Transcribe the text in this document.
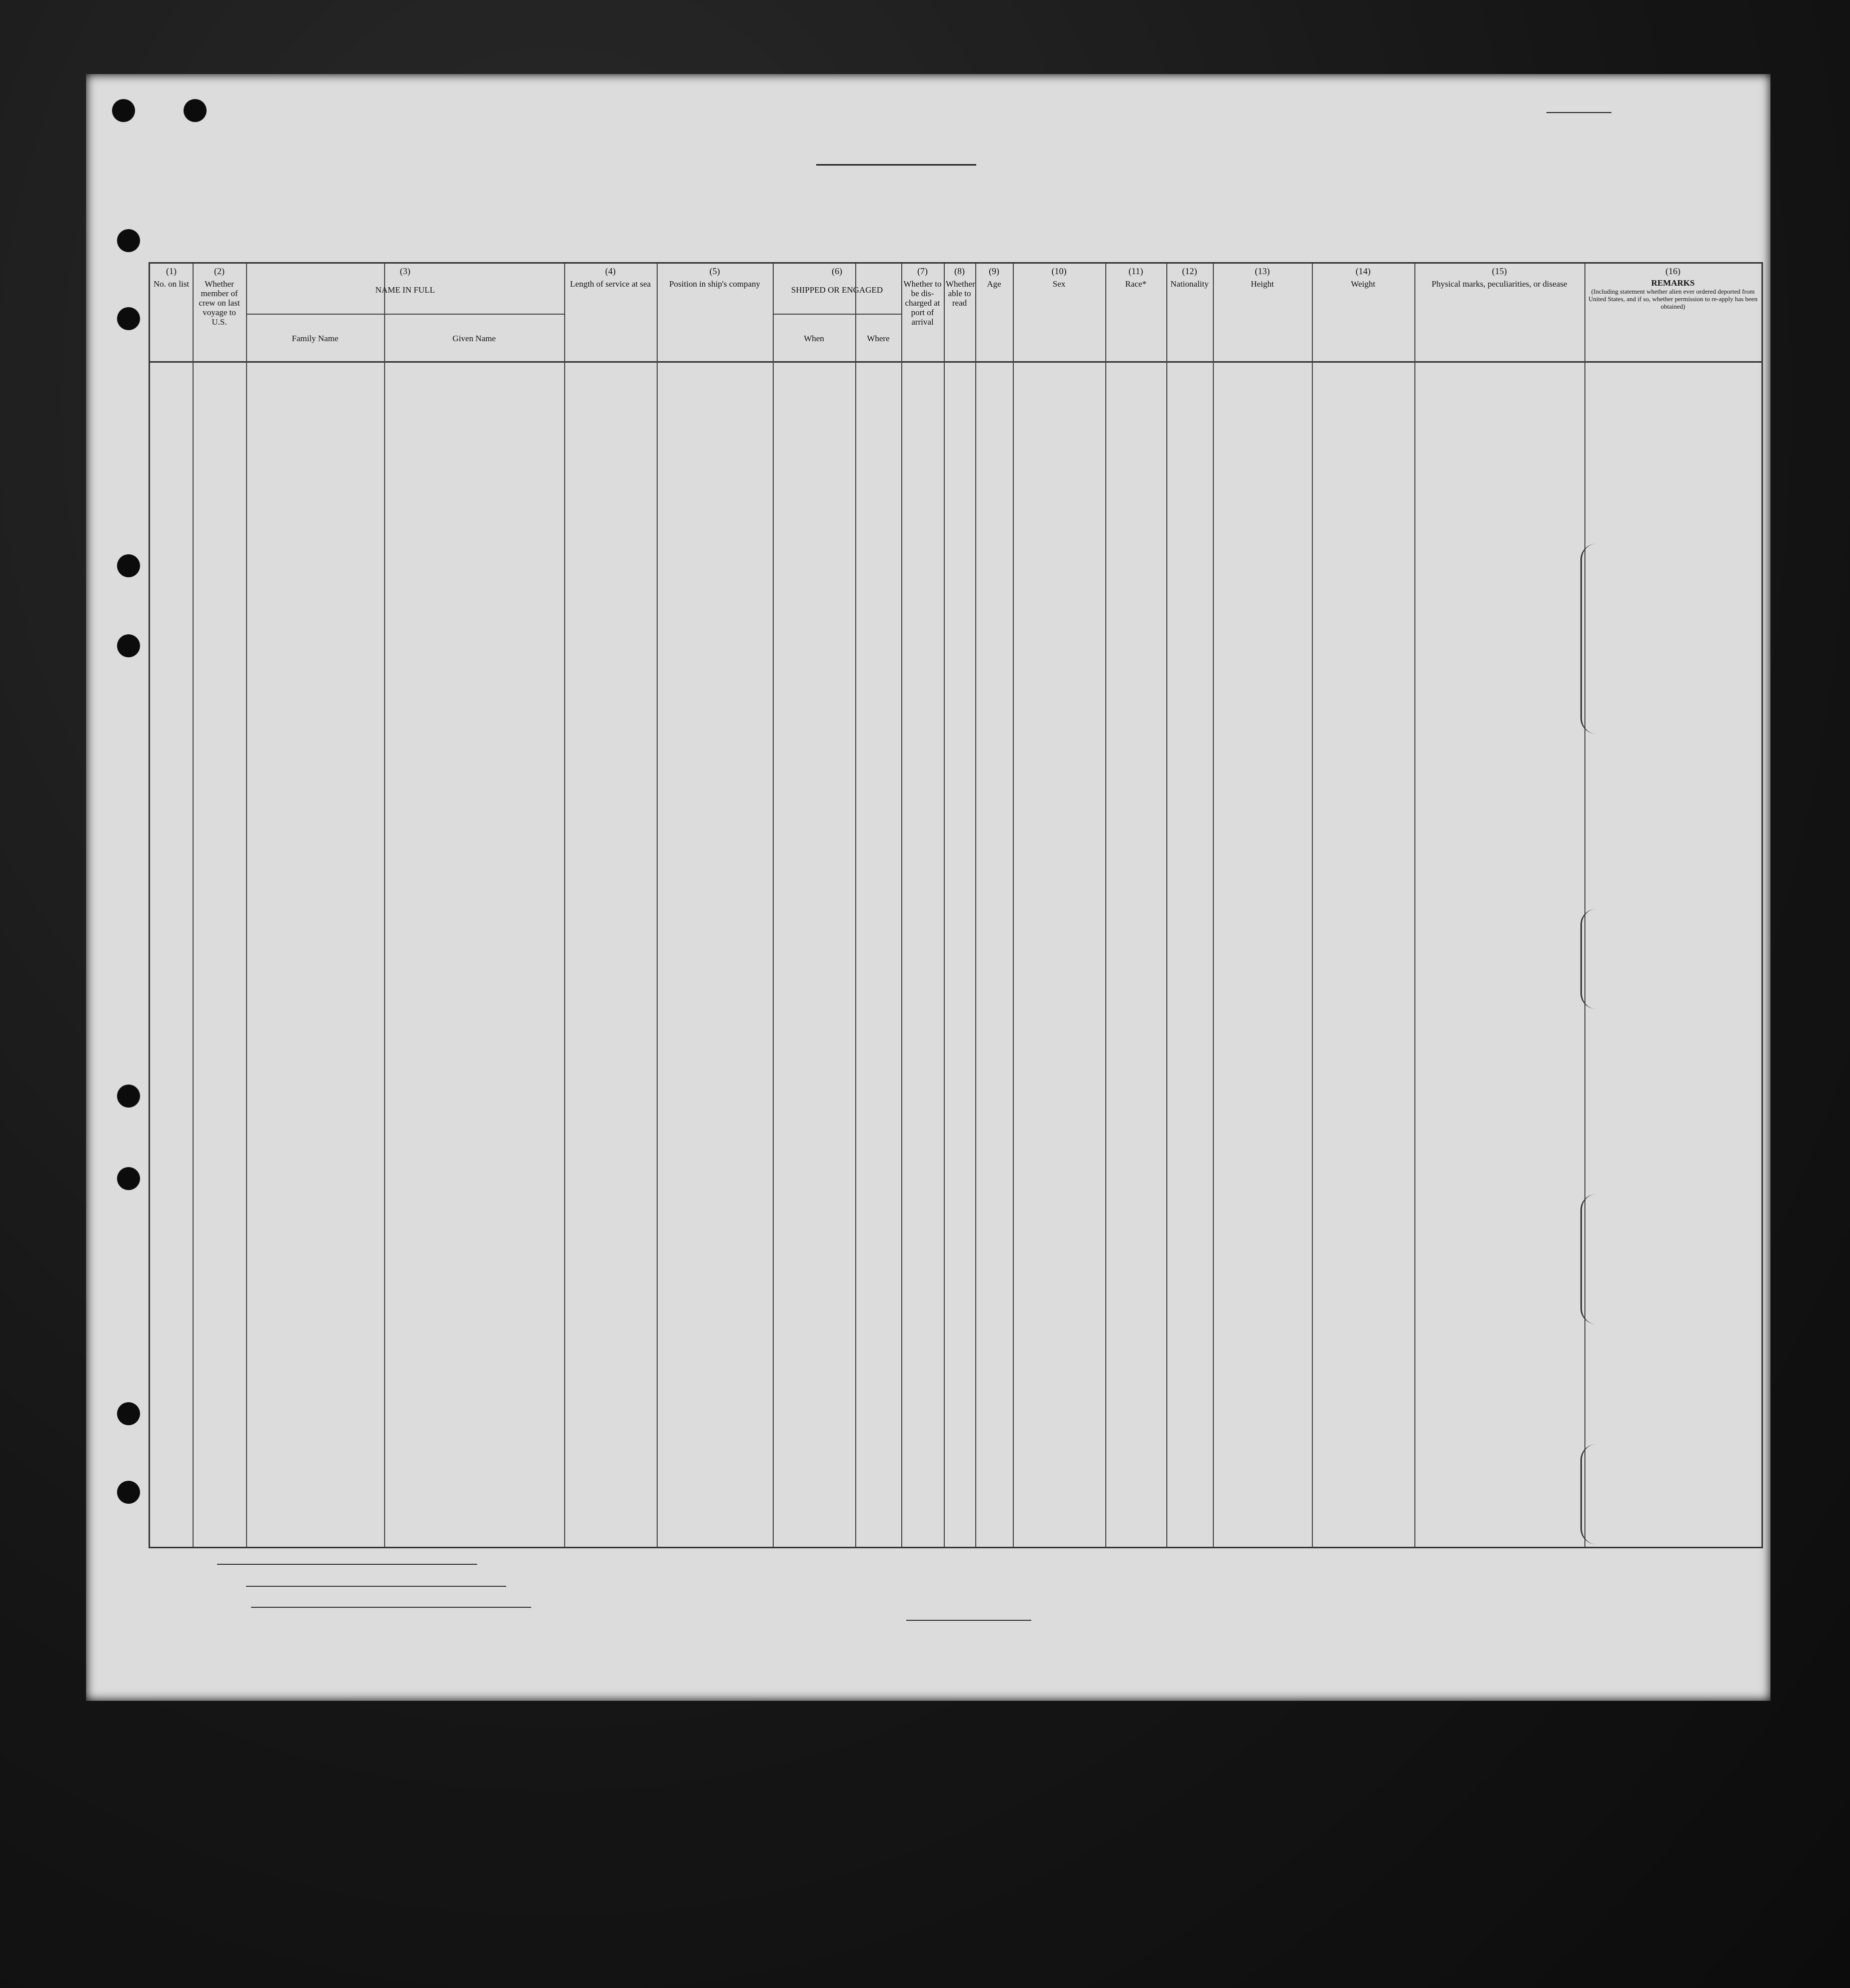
(1)
No. on list
(2)
Whether member of crew on last voyage to U.S.
(3)
NAME IN FULL
Family Name	Given Name
(4)
Length of service at sea
(5)
Position in ship's company
(6)
SHIPPED OR ENGAGED
When	Where
(7)
Whether to be dis-charged at port of arrival
(8)
Whether able to read
(9)
Age
(10)
Sex
(11)
Race*
(12)
Nationality
(13)
Height
(14)
Weight
(15)
Physical marks, peculiarities, or disease
(16)
REMARKS
(Including statement whether alien ever ordered deported from United States, and if so, whether permission to re-apply has been obtained)
